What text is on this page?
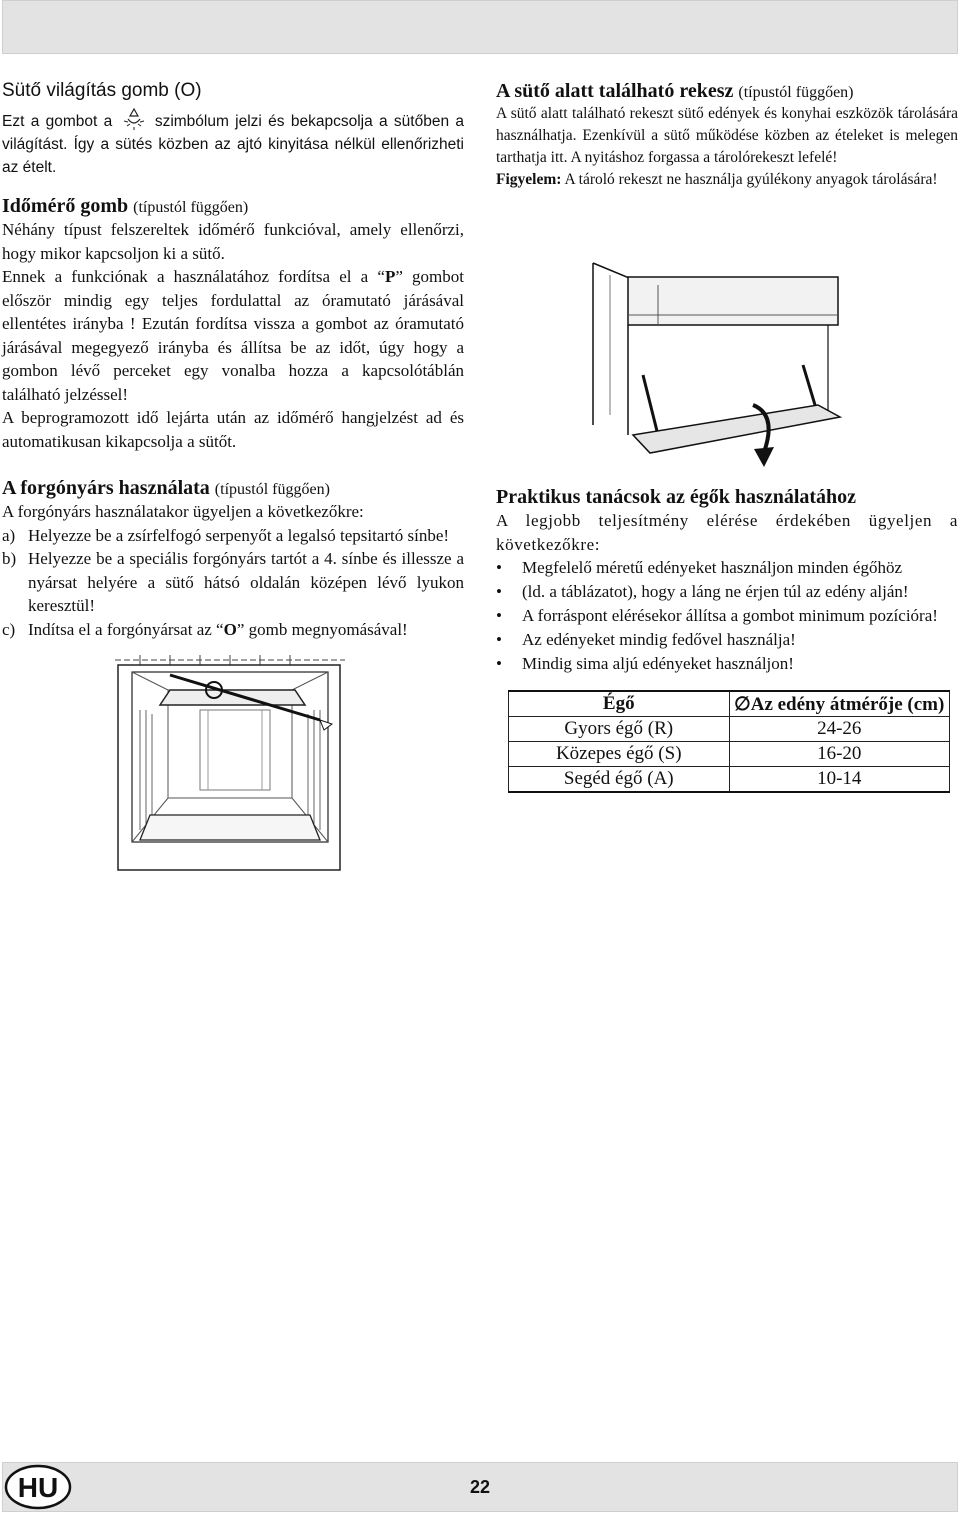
Sütő világítás gomb (O)

Ezt a gombot a	szimbólum jelzi és bekapcsolja a sütőben a világítást. Így a sütés közben az ajtó kinyitása nélkül ellenőrizheti az ételt.

Időmérő gomb (típustól függően)

Néhány típust felszereltek időmérő funkcióval, amely ellenőrzi, hogy mikor kapcsoljon ki a sütő.

Ennek a funkciónak a használatához fordítsa el a “P” gombot először mindig egy teljes fordulattal az óramutató járásával ellentétes irányba ! Ezután fordítsa vissza a gombot az óramutató járásával megegyező irányba és állítsa be az időt, úgy hogy a gombon lévő perceket egy vonalba hozza a kapcsolótáblán található jelzéssel!

A beprogramozott idő lejárta után az időmérő hangjelzést ad és automatikusan kikapcsolja a sütőt.

A forgónyárs használata (típustól függően)

A forgónyárs használatakor ügyeljen a következőkre:

a) Helyezze be a zsírfelfogó serpenyőt a legalsó tepsitartó sínbe!
b) Helyezze be a speciális forgónyárs tartót a 4. sínbe és illessze a nyársat helyére a sütő hátsó oldalán középen lévő lyukon keresztül!
c) Indítsa el a forgónyársat az “O” gomb megnyomásával!
A sütő alatt található rekesz (típustól függően)

A sütő alatt található rekeszt sütő edények és konyhai eszközök tárolására használhatja. Ezenkívül a sütő működése közben az ételeket is melegen tarthatja itt. A nyitáshoz forgassa a tárolórekeszt lefelé!

Figyelem: A tároló rekeszt ne használja gyúlékony anyagok tárolására!

Praktikus tanácsok az égők használatához

A legjobb teljesítmény elérése érdekében ügyeljen a következőkre:

•	Megfelelő méretű edényeket használjon minden égőhöz
•	(ld. a táblázatot), hogy a láng ne érjen túl az edény alján!
•	A forráspont elérésekor állítsa a gombot minimum pozícióra!
•	Az edényeket mindig fedővel használja!
•	Mindig sima aljú edényeket használjon!
Égő	∅Az edény átmérője (cm)
Gyors égő (R)	24-26
Közepes égő (S)	16-20
Segéd égő (A)	10-14
HU	22
